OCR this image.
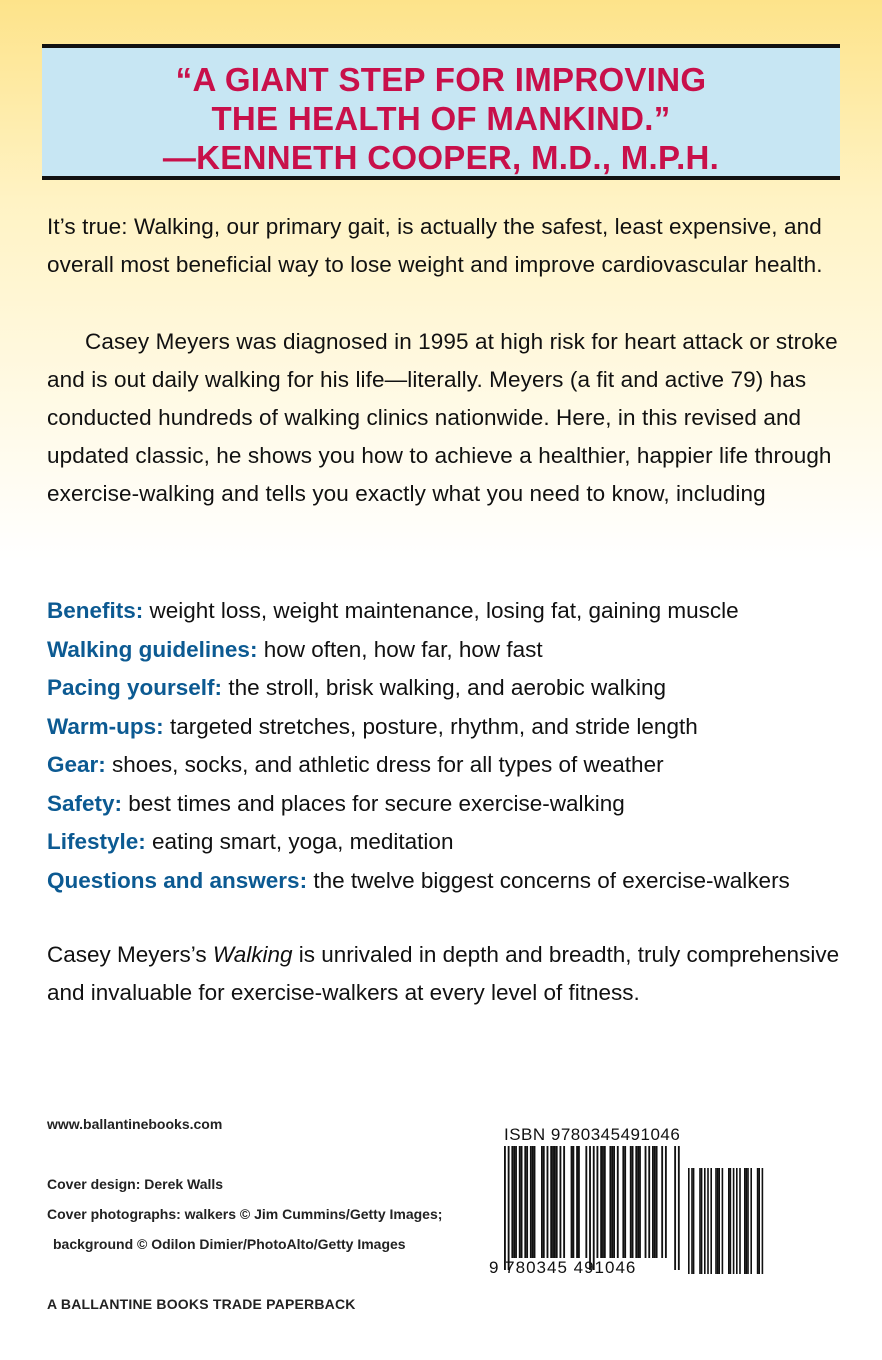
“A GIANT STEP FOR IMPROVING
THE HEALTH OF MANKIND.”
—KENNETH COOPER, M.D., M.P.H.

It’s true: Walking, our primary gait, is actually the safest, least expensive, and overall most beneficial way to lose weight and improve cardiovascular health.

Casey Meyers was diagnosed in 1995 at high risk for heart attack or stroke and is out daily walking for his life—literally. Meyers (a fit and active 79) has conducted hundreds of walking clinics nationwide. Here, in this revised and updated classic, he shows you how to achieve a healthier, happier life through exercise-walking and tells you exactly what you need to know, including

Benefits: weight loss, weight maintenance, losing fat, gaining muscle
Walking guidelines: how often, how far, how fast
Pacing yourself: the stroll, brisk walking, and aerobic walking
Warm-ups: targeted stretches, posture, rhythm, and stride length
Gear: shoes, socks, and athletic dress for all types of weather
Safety: best times and places for secure exercise-walking
Lifestyle: eating smart, yoga, meditation
Questions and answers: the twelve biggest concerns of exercise-walkers

Casey Meyers’s Walking is unrivaled in depth and breadth, truly comprehensive and invaluable for exercise-walkers at every level of fitness.

www.ballantinebooks.com
Cover design: Derek Walls
Cover photographs: walkers © Jim Cummins/Getty Images;
background © Odilon Dimier/PhotoAlto/Getty Images
A BALLANTINE BOOKS TRADE PAPERBACK
ISBN 9780345491046
9 780345 491046
